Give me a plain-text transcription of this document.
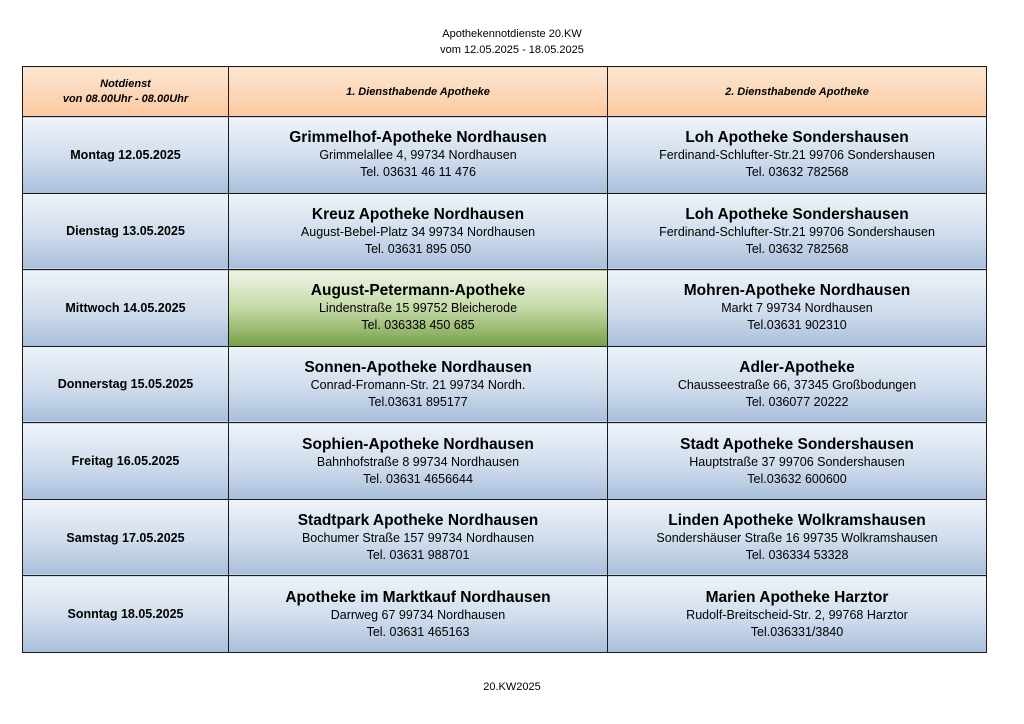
Apothekennotdienste 20.KW
vom 12.05.2025 - 18.05.2025
Notdienst
von 08.00Uhr - 08.00Uhr	1. Diensthabende Apotheke	2. Diensthabende Apotheke
Montag 12.05.2025	Grimmelhof-Apotheke Nordhausen
Grimmelallee 4, 99734 Nordhausen
Tel. 03631 46 11 476	Loh Apotheke Sondershausen
Ferdinand-Schlufter-Str.21 99706 Sondershausen
Tel. 03632 782568

Dienstag 13.05.2025	Kreuz Apotheke Nordhausen
August-Bebel-Platz 34 99734 Nordhausen
Tel. 03631 895 050	Loh Apotheke Sondershausen
Ferdinand-Schlufter-Str.21 99706 Sondershausen
Tel. 03632 782568

Mittwoch 14.05.2025	August-Petermann-Apotheke
Lindenstraße 15 99752 Bleicherode
Tel. 036338 450 685	Mohren-Apotheke Nordhausen
Markt 7 99734 Nordhausen
Tel.03631 902310

Donnerstag 15.05.2025	Sonnen-Apotheke Nordhausen
Conrad-Fromann-Str. 21 99734 Nordh.
Tel.03631 895177	Adler-Apotheke
Chausseestraße 66, 37345 Großbodungen
Tel. 036077 20222

Freitag 16.05.2025	Sophien-Apotheke Nordhausen
Bahnhofstraße 8 99734 Nordhausen
Tel. 03631 4656644	Stadt Apotheke Sondershausen
Hauptstraße 37 99706 Sondershausen
Tel.03632 600600

Samstag 17.05.2025	Stadtpark Apotheke Nordhausen
Bochumer Straße 157 99734 Nordhausen
Tel. 03631 988701	Linden Apotheke Wolkramshausen
Sondershäuser Straße 16 99735 Wolkramshausen
Tel. 036334 53328

Sonntag 18.05.2025	Apotheke im Marktkauf Nordhausen
Darrweg 67 99734 Nordhausen
Tel. 03631 465163	Marien Apotheke Harztor
Rudolf-Breitscheid-Str. 2, 99768 Harztor
Tel.036331/3840
20.KW2025
